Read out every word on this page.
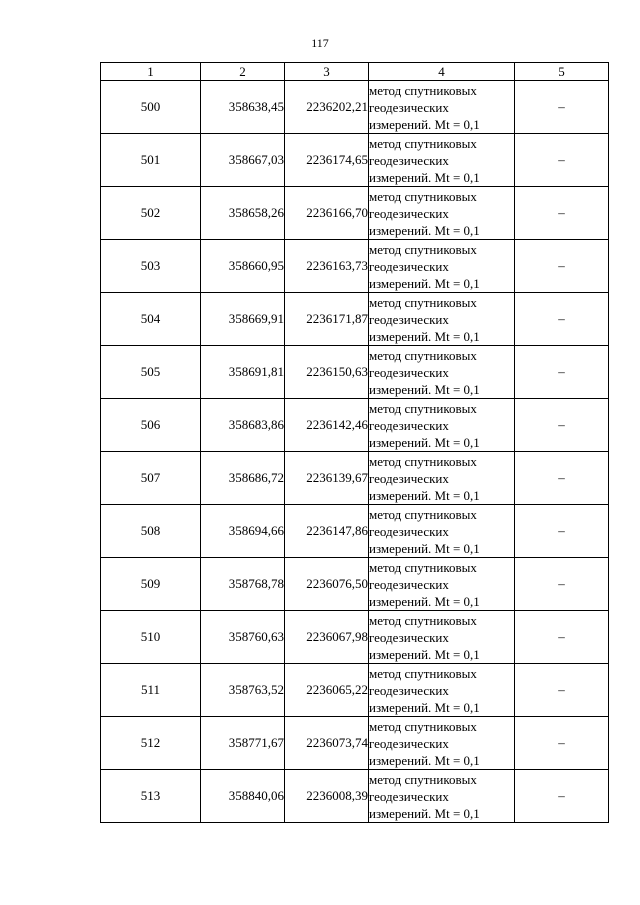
117
1	2	3	4	5
500	358638,45	2236202,21	метод спутниковых
геодезических
измерений. Mt = 0,1	–
501	358667,03	2236174,65	метод спутниковых
геодезических
измерений. Mt = 0,1	–
502	358658,26	2236166,70	метод спутниковых
геодезических
измерений. Mt = 0,1	–
503	358660,95	2236163,73	метод спутниковых
геодезических
измерений. Mt = 0,1	–
504	358669,91	2236171,87	метод спутниковых
геодезических
измерений. Mt = 0,1	–
505	358691,81	2236150,63	метод спутниковых
геодезических
измерений. Mt = 0,1	–
506	358683,86	2236142,46	метод спутниковых
геодезических
измерений. Mt = 0,1	–
507	358686,72	2236139,67	метод спутниковых
геодезических
измерений. Mt = 0,1	–
508	358694,66	2236147,86	метод спутниковых
геодезических
измерений. Mt = 0,1	–
509	358768,78	2236076,50	метод спутниковых
геодезических
измерений. Mt = 0,1	–
510	358760,63	2236067,98	метод спутниковых
геодезических
измерений. Mt = 0,1	–
511	358763,52	2236065,22	метод спутниковых
геодезических
измерений. Mt = 0,1	–
512	358771,67	2236073,74	метод спутниковых
геодезических
измерений. Mt = 0,1	–
513	358840,06	2236008,39	метод спутниковых
геодезических
измерений. Mt = 0,1	–
